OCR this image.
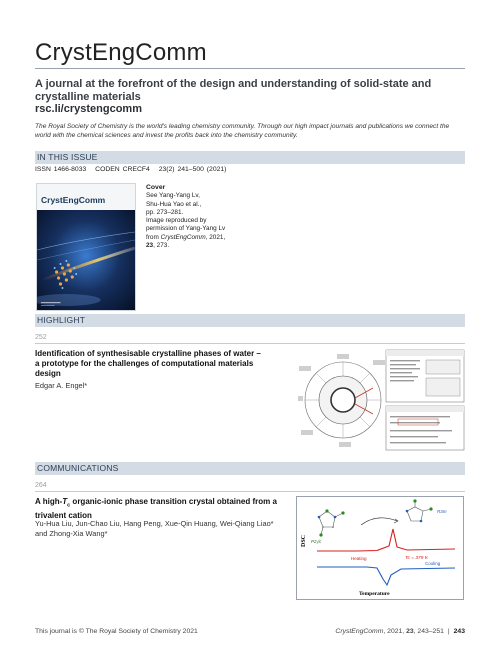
CrystEngComm
A journal at the forefront of the design and understanding of solid-state and crystalline materials
rsc.li/crystengcomm
The Royal Society of Chemistry is the world's leading chemistry community. Through our high impact journals and publications we connect the world with the chemical sciences and invest the profits back into the chemistry community.
IN THIS ISSUE
ISSN 1466-8033 CODEN CRECF4 23(2) 241–500 (2021)
CrystEngComm
Cover
See Yang-Yang Lv,
Shu-Hua Yao et al.,
pp. 273–281.
Image reproduced by
permission of Yang-Yang Lv
from CrystEngComm, 2021,
23, 273.
HIGHLIGHT
252
Identification of synthesisable crystalline phases of water – a prototype for the challenges of computational materials design
Edgar A. Engel*
COMMUNICATIONS
264
A high-$T_c$ organic-ionic phase transition crystal obtained from a trivalent cation
Yu-Hua Liu, Jun-Chao Liu, Hang Peng, Xue-Qin Huang, Wei-Qiang Liao* and Zhong-Xia Wang*
DSC
Temperature
P2₁/c
R3m
Heating	Tc = 379 K
Cooling
This journal is © The Royal Society of Chemistry 2021	CrystEngComm, 2021, 23, 243–251 | 243
